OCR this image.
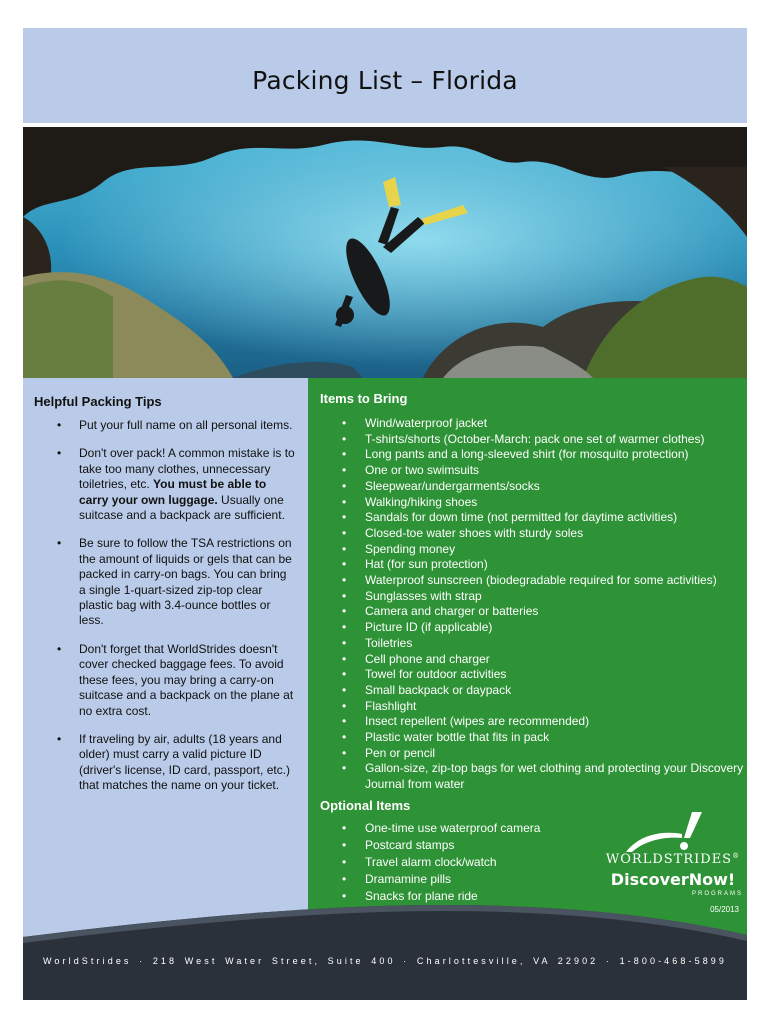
Packing List – Florida
Helpful Packing Tips
• Put your full name on all personal items.
• Don't over pack! A common mistake is to take too many clothes, unnecessary toiletries, etc. You must be able to carry your own luggage. Usually one suitcase and a backpack are sufficient.
• Be sure to follow the TSA restrictions on the amount of liquids or gels that can be packed in carry-on bags. You can bring a single 1-quart-sized zip-top clear plastic bag with 3.4-ounce bottles or less.
• Don't forget that WorldStrides doesn't cover checked baggage fees. To avoid these fees, you may bring a carry-on suitcase and a backpack on the plane at no extra cost.
• If traveling by air, adults (18 years and older) must carry a valid picture ID (driver's license, ID card, passport, etc.) that matches the name on your ticket.
Items to Bring
• Wind/waterproof jacket
• T-shirts/shorts (October-March: pack one set of warmer clothes)
• Long pants and a long-sleeved shirt (for mosquito protection)
• One or two swimsuits
• Sleepwear/undergarments/socks
• Walking/hiking shoes
• Sandals for down time (not permitted for daytime activities)
• Closed-toe water shoes with sturdy soles
• Spending money
• Hat (for sun protection)
• Waterproof sunscreen (biodegradable required for some activities)
• Sunglasses with strap
• Camera and charger or batteries
• Picture ID (if applicable)
• Toiletries
• Cell phone and charger
• Towel for outdoor activities
• Small backpack or daypack
• Flashlight
• Insect repellent (wipes are recommended)
• Plastic water bottle that fits in pack
• Pen or pencil
• Gallon-size, zip-top bags for wet clothing and protecting your Discovery Journal from water
Optional Items
• One-time use waterproof camera
• Postcard stamps
• Travel alarm clock/watch
• Dramamine pills
• Snacks for plane ride
WORLDSTRIDES®
DiscoverNow!
PROGRAMS
05/2013
WorldStrides · 218 West Water Street, Suite 400 · Charlottesville, VA 22902 · 1-800-468-5899
